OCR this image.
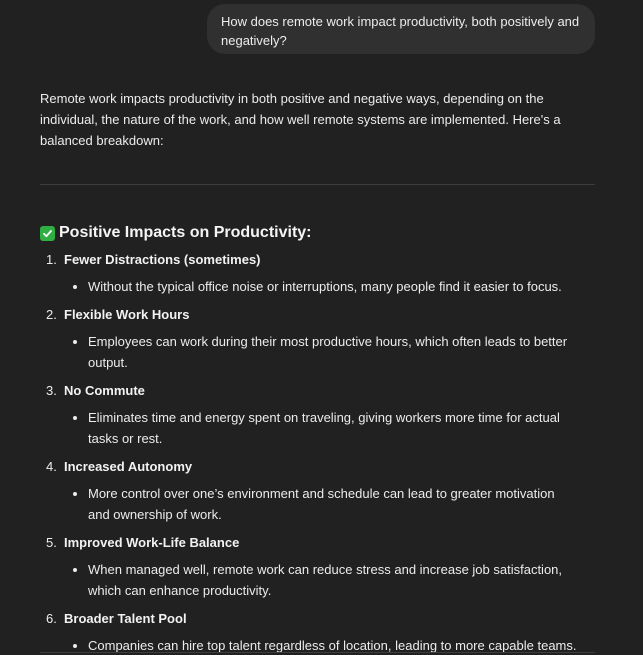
How does remote work impact productivity, both positively and negatively?

Remote work impacts productivity in both positive and negative ways, depending on the individual, the nature of the work, and how well remote systems are implemented. Here's a balanced breakdown:

Positive Impacts on Productivity:
1. Fewer Distractions (sometimes)
Without the typical office noise or interruptions, many people find it easier to focus.
2. Flexible Work Hours
Employees can work during their most productive hours, which often leads to better output.
3. No Commute
Eliminates time and energy spent on traveling, giving workers more time for actual tasks or rest.
4. Increased Autonomy
More control over one’s environment and schedule can lead to greater motivation and ownership of work.
5. Improved Work-Life Balance
When managed well, remote work can reduce stress and increase job satisfaction, which can enhance productivity.
6. Broader Talent Pool
Companies can hire top talent regardless of location, leading to more capable teams.
